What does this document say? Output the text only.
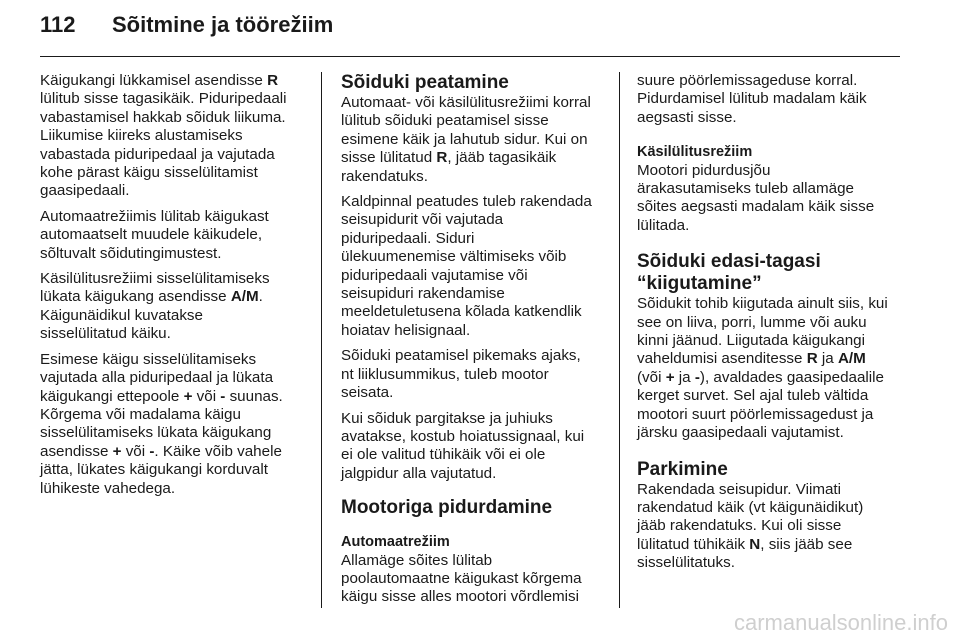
112 Sõitmine ja töörežiim

Käigukangi lükkamisel asendisse R
lülitub sisse tagasikäik. Piduripedaali
vabastamisel hakkab sõiduk liikuma.
Liikumise kiireks alustamiseks
vabastada piduripedaal ja vajutada
kohe pärast käigu sisselülitamist
gaasipedaali.

Automaatrežiimis lülitab käigukast
automaatselt muudele käikudele,
sõltuvalt sõidutingimustest.

Käsilülitusrežiimi sisselülitamiseks
lükata käigukang asendisse A/M.
Käigunäidikul kuvatakse
sisselülitatud käiku.

Esimese käigu sisselülitamiseks
vajutada alla piduripedaal ja lükata
käigukangi ettepoole + või - suunas.
Kõrgema või madalama käigu
sisselülitamiseks lükata käigukang
asendisse + või -. Käike võib vahele
jätta, lükates käigukangi korduvalt
lühikeste vahedega.

Sõiduki peatamine

Automaat- või käsilülitusrežiimi korral
lülitub sõiduki peatamisel sisse
esimene käik ja lahutub sidur. Kui on
sisse lülitatud R, jääb tagasikäik
rakendatuks.

Kaldpinnal peatudes tuleb rakendada
seisupidurit või vajutada
piduripedaali. Siduri
ülekuumenemise vältimiseks võib
piduripedaali vajutamise või
seisupiduri rakendamise
meeldetuletusena kõlada katkendlik
hoiatav helisignaal.

Sõiduki peatamisel pikemaks ajaks,
nt liiklusummikus, tuleb mootor
seisata.

Kui sõiduk pargitakse ja juhiuks
avatakse, kostub hoiatussignaal, kui
ei ole valitud tühikäik või ei ole
jalgpidur alla vajutatud.

Mootoriga pidurdamine
Automaatrežiim

Allamäge sõites lülitab
poolautomaatne käigukast kõrgema
käigu sisse alles mootori võrdlemisi

suure pöörlemissageduse korral.
Pidurdamisel lülitub madalam käik
aegsasti sisse.

Käsilülitusrežiim

Mootori pidurdusjõu
ärakasutamiseks tuleb allamäge
sõites aegsasti madalam käik sisse
lülitada.

Sõiduki edasi-tagasi
“kiigutamine”

Sõidukit tohib kiigutada ainult siis, kui
see on liiva, porri, lumme või auku
kinni jäänud. Liigutada käigukangi
vaheldumisi asenditesse R ja A/M
(või + ja -), avaldades gaasipedaalile
kerget survet. Sel ajal tuleb vältida
mootori suurt pöörlemissagedust ja
järsku gaasipedaali vajutamist.

Parkimine

Rakendada seisupidur. Viimati
rakendatud käik (vt käigunäidikut)
jääb rakendatuks. Kui oli sisse
lülitatud tühikäik N, siis jääb see
sisselülitatuks.

carmanualsonline.info
